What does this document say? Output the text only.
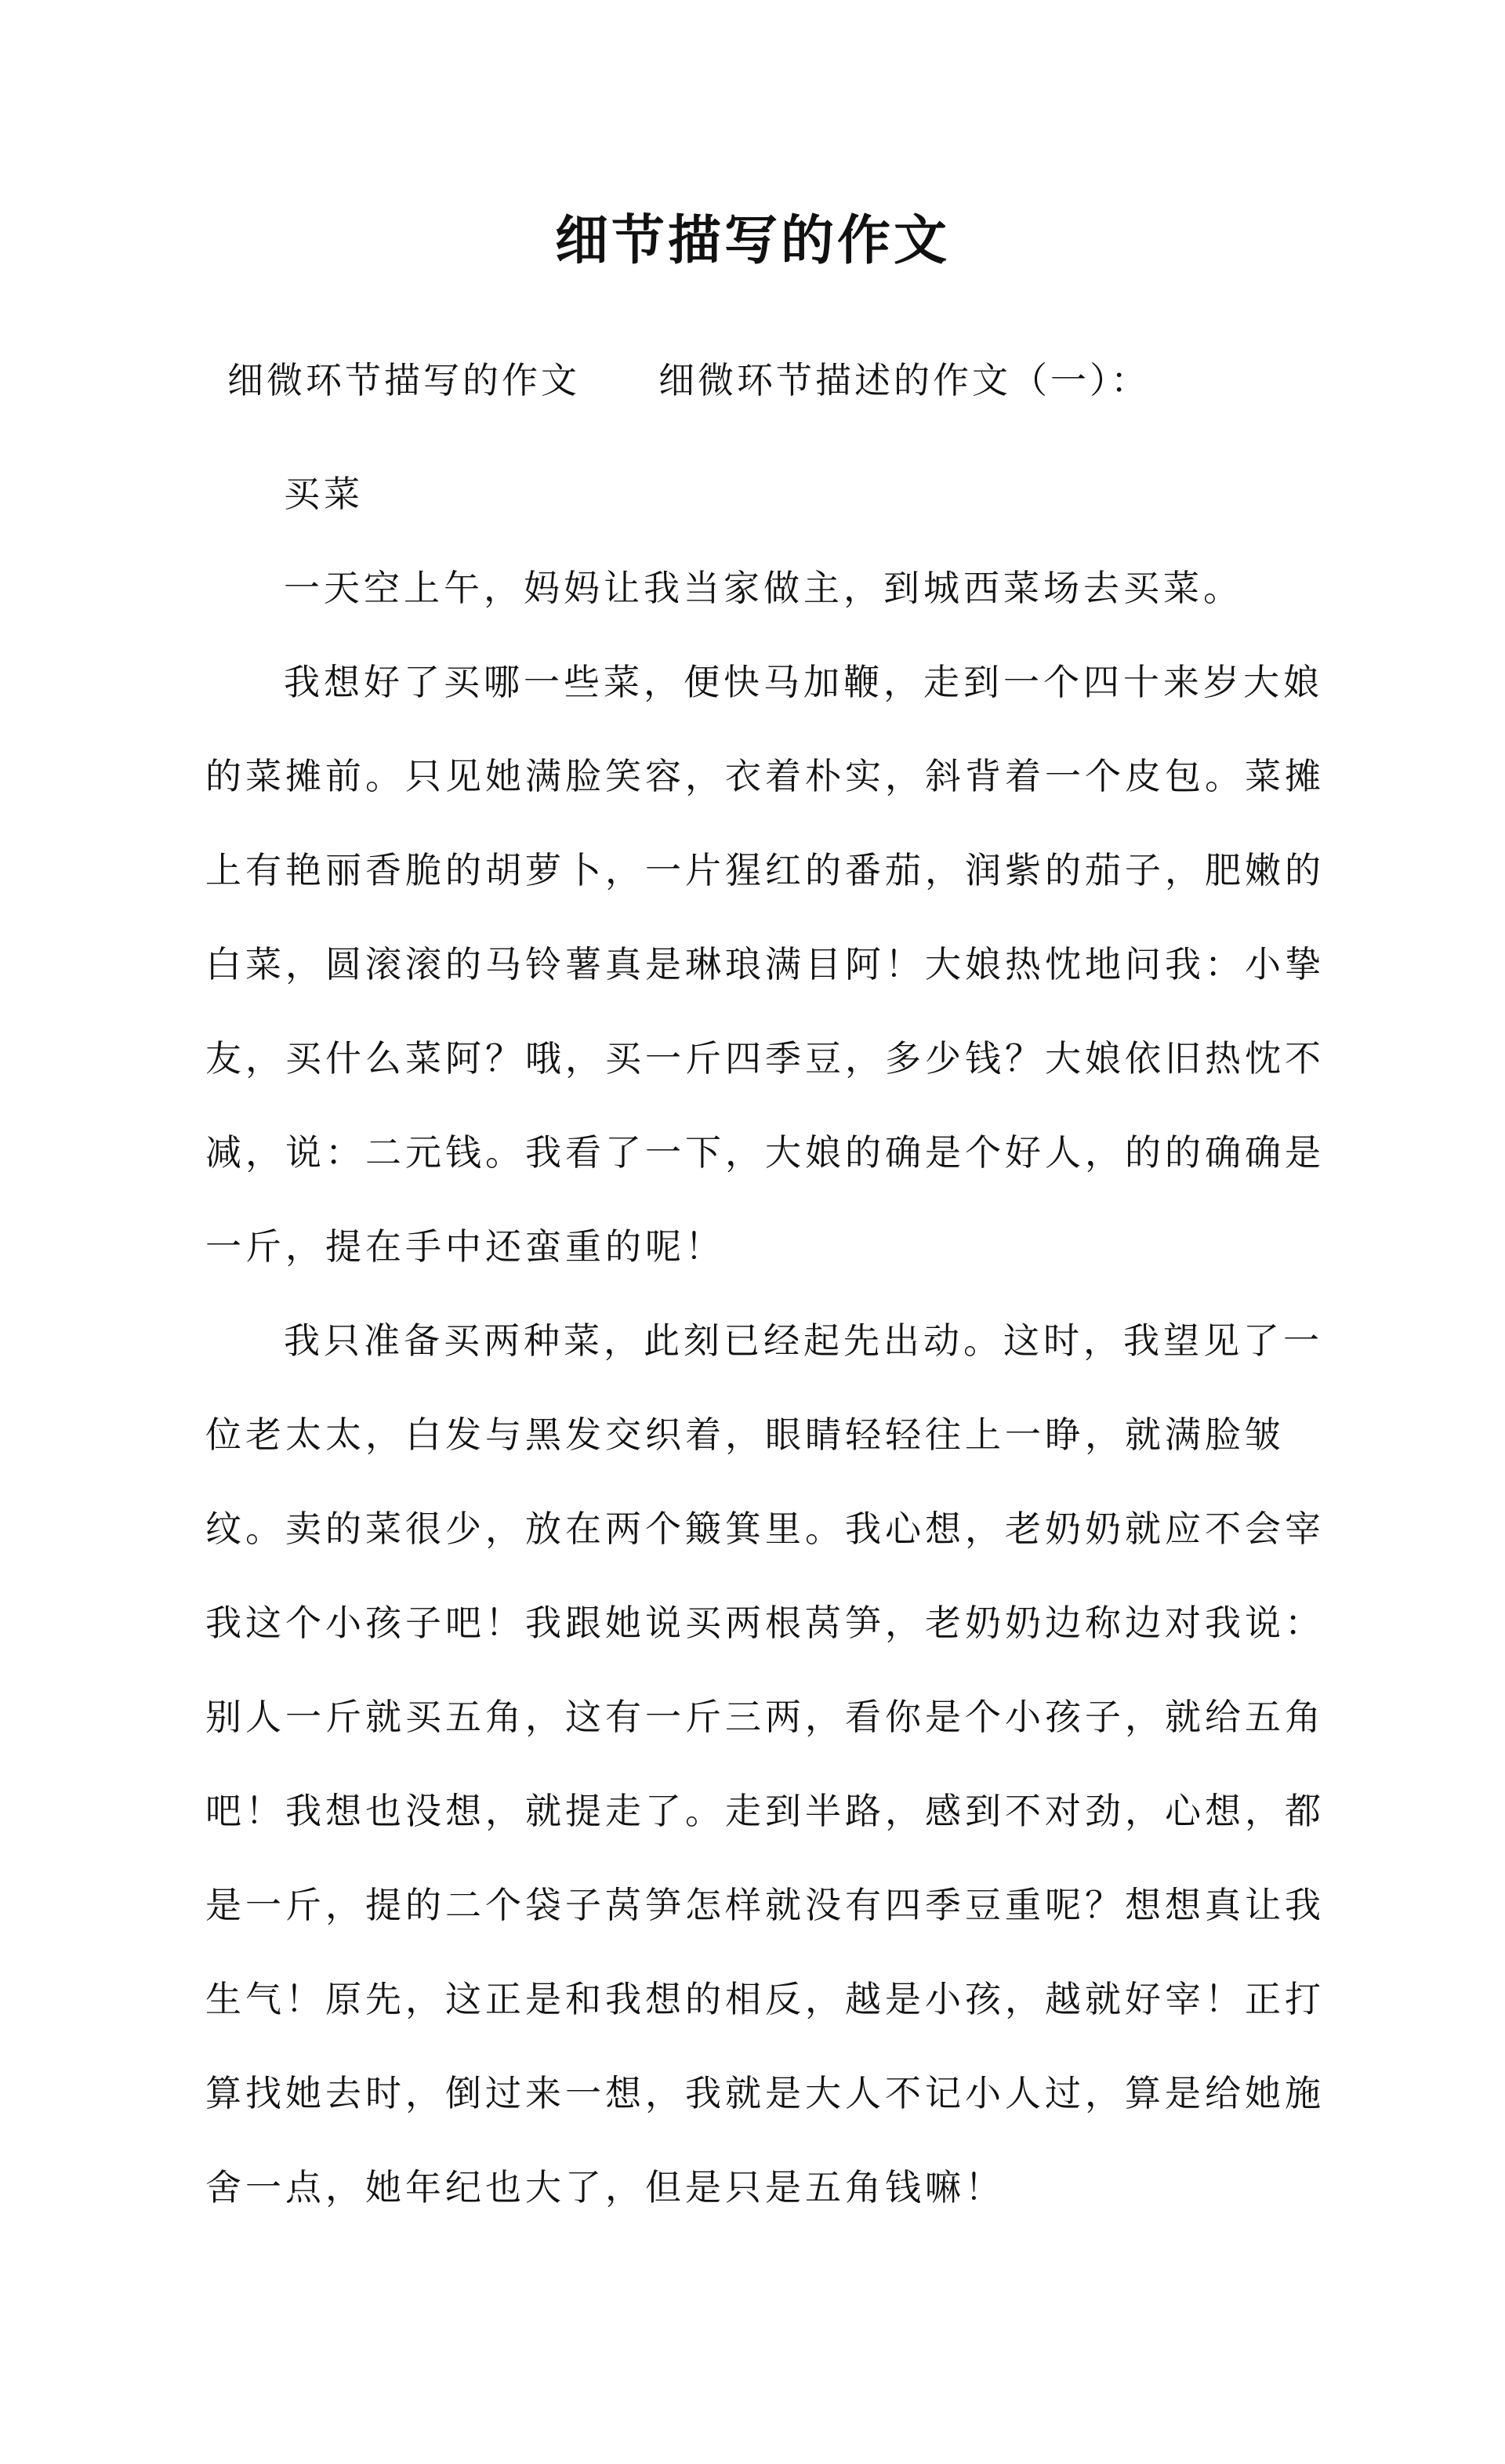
细节描写的作文
细微环节描写的作文 细微环节描述的作文（一）：

买菜

一天空上午，妈妈让我当家做主，到城西菜场去买菜。

我想好了买哪一些菜，便快马加鞭，走到一个四十来岁大娘的菜摊前。只见她满脸笑容，衣着朴实，斜背着一个皮包。菜摊上有艳丽香脆的胡萝卜，一片猩红的番茄，润紫的茄子，肥嫩的白菜，圆滚滚的马铃薯真是琳琅满目阿！大娘热忱地问我：小挚友，买什么菜阿？哦，买一斤四季豆，多少钱？大娘依旧热忱不减，说：二元钱。我看了一下，大娘的确是个好人，的的确确是一斤，提在手中还蛮重的呢！

我只准备买两种菜，此刻已经起先出动。这时，我望见了一位老太太，白发与黑发交织着，眼睛轻轻往上一睁，就满脸皱纹。卖的菜很少，放在两个簸箕里。我心想，老奶奶就应不会宰我这个小孩子吧！我跟她说买两根莴笋，老奶奶边称边对我说：别人一斤就买五角，这有一斤三两，看你是个小孩子，就给五角吧！我想也没想，就提走了。走到半路，感到不对劲，心想，都是一斤，提的二个袋子莴笋怎样就没有四季豆重呢？想想真让我生气！原先，这正是和我想的相反，越是小孩，越就好宰！正打算找她去时，倒过来一想，我就是大人不记小人过，算是给她施舍一点，她年纪也大了，但是只是五角钱嘛！
